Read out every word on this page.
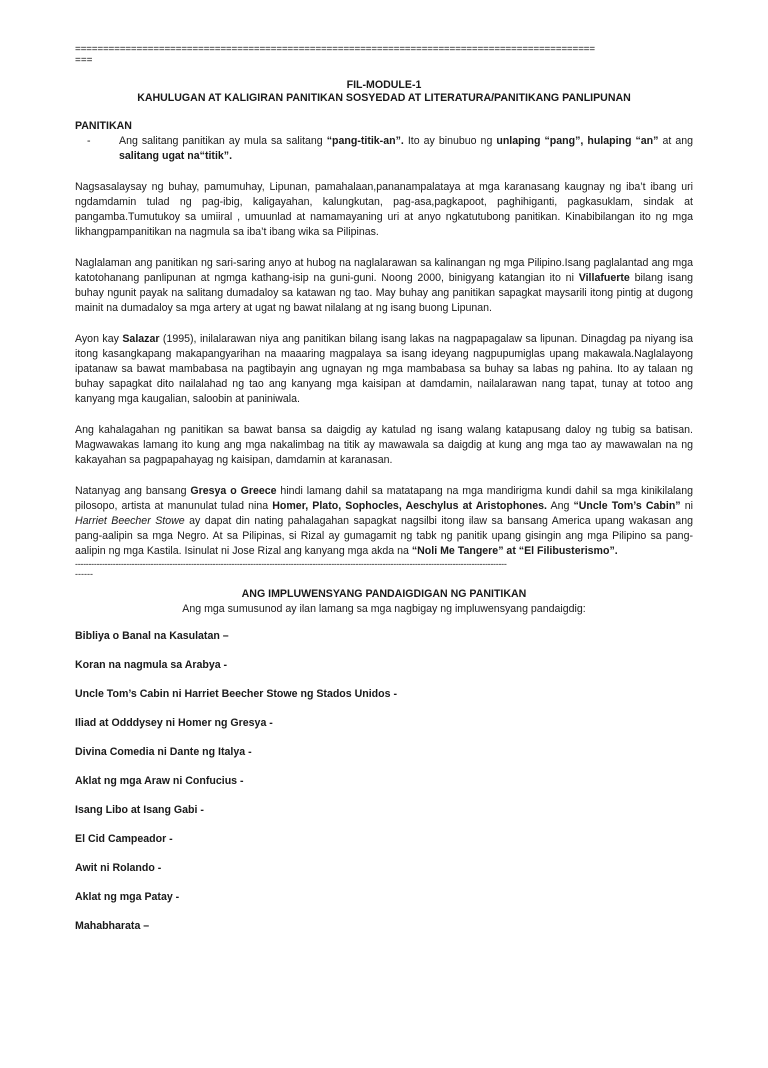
=============================================================================================
===
FIL-MODULE-1
KAHULUGAN AT KALIGIRAN PANITIKAN SOSYEDAD AT LITERATURA/PANITIKANG PANLIPUNAN
PANITIKAN
-	Ang salitang panitikan ay mula sa salitang “pang-titik-an”. Ito ay binubuo ng unlaping “pang”, hulaping “an” at ang salitang ugat na“titik”.

Nagsasalaysay ng buhay, pamumuhay, Lipunan, pamahalaan,pananampalataya at mga karanasang kaugnay ng iba’t ibang uri ngdamdamin tulad ng pag-ibig, kaligayahan, kalungkutan, pag-asa,pagkapoot, paghihiganti, pagkasuklam, sindak at pangamba.Tumutukoy sa umiiral , umuunlad at namamayaning uri at anyo ngkatutubong panitikan. Kinabibilangan ito ng mga likhangpampanitikan na nagmula sa iba’t ibang wika sa Pilipinas.

Naglalaman ang panitikan ng sari-saring anyo at hubog na naglalarawan sa kalinangan ng mga Pilipino.Isang paglalantad ang mga katotohanang panlipunan at ngmga kathang-isip na guni-guni. Noong 2000, binigyang katangian ito ni Villafuerte bilang isang buhay ngunit payak na salitang dumadaloy sa katawan ng tao. May buhay ang panitikan sapagkat maysarili itong pintig at dugong mainit na dumadaloy sa mga artery at ugat ng bawat nilalang at ng isang buong Lipunan.

Ayon kay Salazar (1995), inilalarawan niya ang panitikan bilang isang lakas na nagpapagalaw sa lipunan. Dinagdag pa niyang isa itong kasangkapang makapangyarihan na maaaring magpalaya sa isang ideyang nagpupumiglas upang makawala.Naglalayong ipatanaw sa bawat mambabasa na pagtibayin ang ugnayan ng mga mambabasa sa buhay sa labas ng pahina. Ito ay talaan ng buhay sapagkat dito nailalahad ng tao ang kanyang mga kaisipan at damdamin, nailalarawan nang tapat, tunay at totoo ang kanyang mga kaugalian, saloobin at paniniwala.

Ang kahalagahan ng panitikan sa bawat bansa sa daigdig ay katulad ng isang walang katapusang daloy ng tubig sa batisan. Magwawakas lamang ito kung ang mga nakalimbag na titik ay mawawala sa daigdig at kung ang mga tao ay mawawalan na ng kakayahan sa pagpapahayag ng kaisipan, damdamin at karanasan.

Natanyag ang bansang Gresya o Greece hindi lamang dahil sa matatapang na mga mandirigma kundi dahil sa mga kinikilalang pilosopo, artista at manunulat tulad nina Homer, Plato, Sophocles, Aeschylus at Aristophones. Ang “Uncle Tom’s Cabin” ni Harriet Beecher Stowe ay dapat din nating pahalagahan sapagkat nagsilbi itong ilaw sa bansang America upang wakasan ang pang-aalipin sa mga Negro. At sa Pilipinas, si Rizal ay gumagamit ng tabk ng panitik upang gisingin ang mga Pilipino sa pang-aalipin ng mga Kastila. Isinulat ni Jose Rizal ang kanyang mga akda na “Noli Me Tangere” at “El Filibusterismo”.

----------------------------------------------------------------------------------------------------------------------------------------------------------------
------
ANG IMPLUWENSYANG PANDAIGDIGAN NG PANITIKAN
Ang mga sumusunod ay ilan lamang sa mga nagbigay ng impluwensyang pandaigdig:
Bibliya o Banal na Kasulatan –
Koran na nagmula sa Arabya -
Uncle Tom’s Cabin ni Harriet Beecher Stowe ng Stados Unidos -
Iliad at Odddysey ni Homer ng Gresya -
Divina Comedia ni Dante ng Italya -
Aklat ng mga Araw ni Confucius -
Isang Libo at Isang Gabi -
El Cid Campeador -
Awit ni Rolando -
Aklat ng mga Patay -
Mahabharata –
